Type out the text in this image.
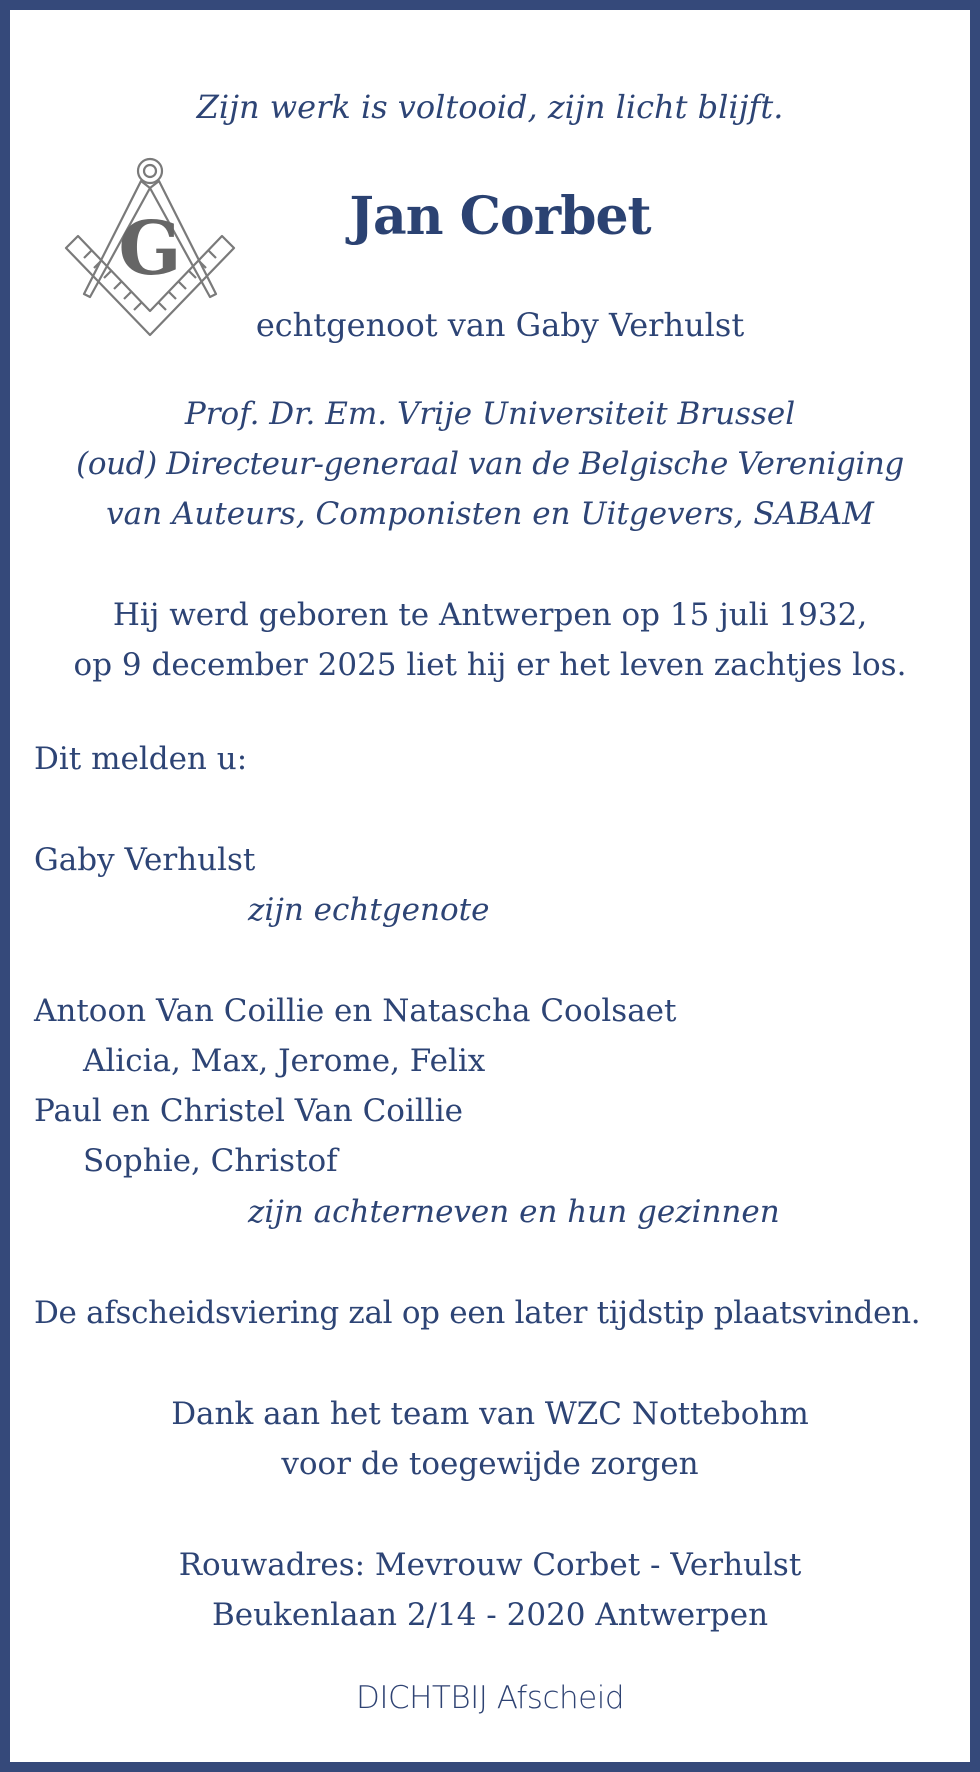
Zijn werk is voltooid, zijn licht blijft.
G	Jan Corbet
echtgenoot van Gaby Verhulst
Prof. Dr. Em. Vrije Universiteit Brussel
(oud) Directeur-generaal van de Belgische Vereniging
van Auteurs, Componisten en Uitgevers, SABAM
Hij werd geboren te Antwerpen op 15 juli 1932,
op 9 december 2025 liet hij er het leven zachtjes los.
Dit melden u:
Gaby Verhulst
zijn echtgenote
Antoon Van Coillie en Natascha Coolsaet
Alicia, Max, Jerome, Felix
Paul en Christel Van Coillie
Sophie, Christof
zijn achterneven en hun gezinnen
De afscheidsviering zal op een later tijdstip plaatsvinden.
Dank aan het team van WZC Nottebohm
voor de toegewijde zorgen
Rouwadres: Mevrouw Corbet - Verhulst
Beukenlaan 2/14 - 2020 Antwerpen
DICHTBIJ Afscheid
